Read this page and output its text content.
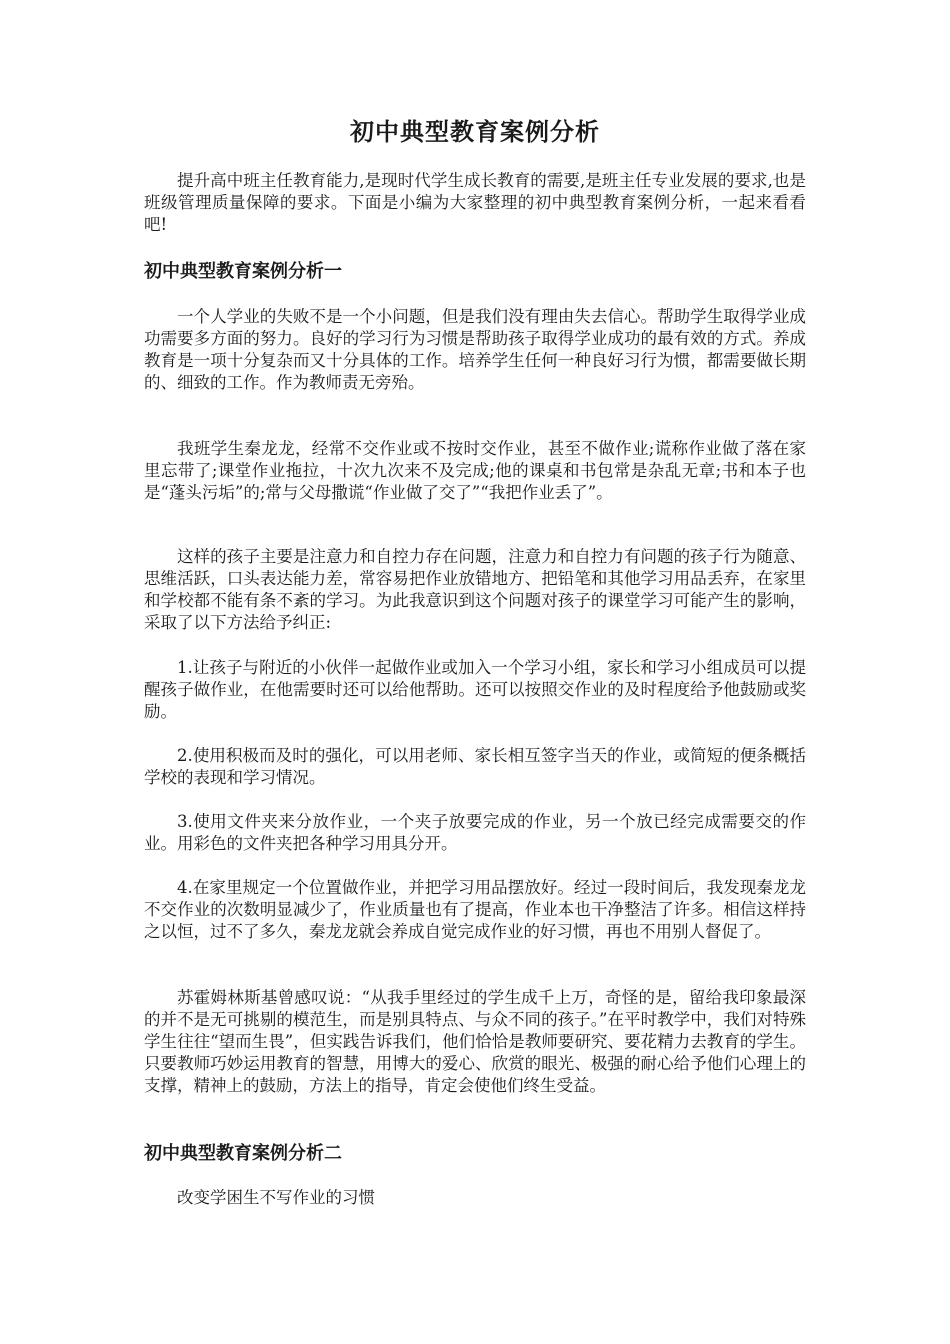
初中典型教育案例分析

提升高中班主任教育能力,是现时代学生成长教育的需要,是班主任专业发展的要求,也是班级管理质量保障的要求。下面是小编为大家整理的初中典型教育案例分析，一起来看看吧!

初中典型教育案例分析一

一个人学业的失败不是一个小问题，但是我们没有理由失去信心。帮助学生取得学业成功需要多方面的努力。良好的学习行为习惯是帮助孩子取得学业成功的最有效的方式。养成教育是一项十分复杂而又十分具体的工作。培养学生任何一种良好习行为惯，都需要做长期的、细致的工作。作为教师责无旁殆。

我班学生秦龙龙，经常不交作业或不按时交作业，甚至不做作业;谎称作业做了落在家里忘带了;课堂作业拖拉，十次九次来不及完成;他的课桌和书包常是杂乱无章;书和本子也是“蓬头污垢”的;常与父母撒谎“作业做了交了”“我把作业丢了”。

这样的孩子主要是注意力和自控力存在问题，注意力和自控力有问题的孩子行为随意、思维活跃，口头表达能力差，常容易把作业放错地方、把铅笔和其他学习用品丢弃，在家里和学校都不能有条不紊的学习。为此我意识到这个问题对孩子的课堂学习可能产生的影响，采取了以下方法给予纠正:

1.让孩子与附近的小伙伴一起做作业或加入一个学习小组，家长和学习小组成员可以提醒孩子做作业，在他需要时还可以给他帮助。还可以按照交作业的及时程度给予他鼓励或奖励。

2.使用积极而及时的强化，可以用老师、家长相互签字当天的作业，或简短的便条概括学校的表现和学习情况。

3.使用文件夹来分放作业，一个夹子放要完成的作业，另一个放已经完成需要交的作业。用彩色的文件夹把各种学习用具分开。

4.在家里规定一个位置做作业，并把学习用品摆放好。经过一段时间后，我发现秦龙龙不交作业的次数明显减少了，作业质量也有了提高，作业本也干净整洁了许多。相信这样持之以恒，过不了多久，秦龙龙就会养成自觉完成作业的好习惯，再也不用别人督促了。

苏霍姆林斯基曾感叹说：“从我手里经过的学生成千上万，奇怪的是，留给我印象最深的并不是无可挑剔的模范生，而是别具特点、与众不同的孩子。”在平时教学中，我们对特殊学生往往“望而生畏”，但实践告诉我们，他们恰恰是教师要研究、要花精力去教育的学生。只要教师巧妙运用教育的智慧，用博大的爱心、欣赏的眼光、极强的耐心给予他们心理上的支撑，精神上的鼓励，方法上的指导，肯定会使他们终生受益。

初中典型教育案例分析二

改变学困生不写作业的习惯
